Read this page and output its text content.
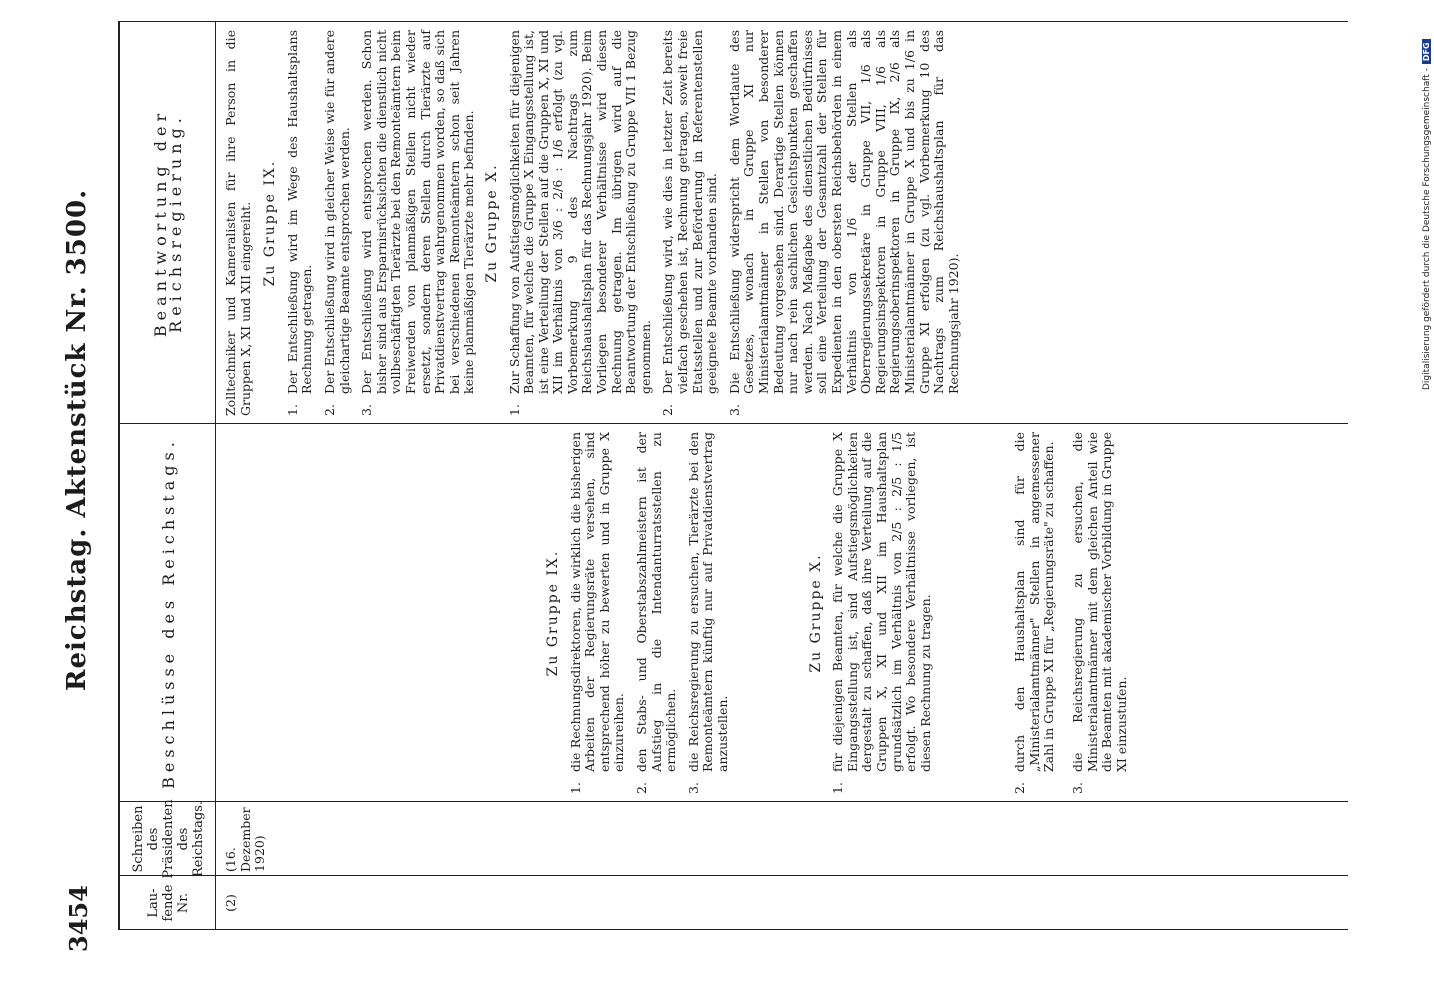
3454
Reichstag. Aktenstück Nr. 3500.
Lau-fende Nr.
Schreiben des Präsidenten des Reichstags.
Beschlüsse des Reichstags.
Beantwortung der Reichsregierung.
(2)
(16. Dezember 1920)
Zu Gruppe IX.
1.
die Rechnungsdirektoren, die wirklich die bisherigen Arbeiten der Regierungsräte versehen, sind entsprechend höher zu bewerten und in Gruppe X einzureihen.
2.
den Stabs- und Oberstabszahlmeistern ist der Aufstieg in die Intendanturratsstellen zu ermöglichen.
3.
die Reichsregierung zu ersuchen, Tierärzte bei den Remonteämtern künftig nur auf Privatdienstvertrag anzustellen.
Zu Gruppe X.
1.
für diejenigen Beamten, für welche die Gruppe X Eingangsstellung ist, sind Aufstiegsmöglichkeiten dergestalt zu schaffen, daß ihre Verteilung auf die Gruppen X, XI und XII im Haushaltsplan grundsätzlich im Verhältnis von 2/5 : 2/5 : 1/5 erfolgt. Wo besondere Verhältnisse vorliegen, ist diesen Rechnung zu tragen.
2.
durch den Haushaltsplan sind für die „Ministerialamtmänner" Stellen in angemessener Zahl in Gruppe XI für „Regierungsräte" zu schaffen.
3.
die Reichsregierung zu ersuchen, die Ministerialamtmänner mit dem gleichen Anteil wie die Beamten mit akademischer Vorbildung in Gruppe XI einzustufen.
Zolltechniker und Kameralisten für ihre Person in die Gruppen X, XI und XII eingereiht. Zu Gruppe IX.
1.
Der Entschließung wird im Wege des Haushaltsplans Rechnung getragen.
2.
Der Entschließung wird in gleicher Weise wie für andere gleichartige Beamte entsprochen werden.
3.
Der Entschließung wird entsprochen werden. Schon bisher sind aus Ersparnisrücksichten die dienstlich nicht vollbeschäftigten Tierärzte bei den Remonteämtern beim Freiwerden von planmäßigen Stellen nicht wieder ersetzt, sondern deren Stellen durch Tierärzte auf Privatdienstvertrag wahrgenommen worden, so daß sich bei verschiedenen Remonteämtern schon seit Jahren keine planmäßigen Tierärzte mehr befinden. Zu Gruppe X.
1.
Zur Schaffung von Aufstiegsmöglichkeiten für diejenigen Beamten, für welche die Gruppe X Eingangsstellung ist, ist eine Verteilung der Stellen auf die Gruppen X, XI und XII im Verhältnis von 3/6 : 2/6 : 1/6 erfolgt (zu vgl. Vorbemerkung 9 des Nachtrags zum Reichshaushaltsplan für das Rechnungsjahr 1920). Beim Vorliegen besonderer Verhältnisse wird diesen Rechnung getragen. Im übrigen wird auf die Beantwortung der Entschließung zu Gruppe VII 1 Bezug genommen.
2.
Der Entschließung wird, wie dies in letzter Zeit bereits vielfach geschehen ist, Rechnung getragen, soweit freie Etatsstellen und zur Beförderung in Referentenstellen geeignete Beamte vorhanden sind.
3.
Die Entschließung widerspricht dem Wortlaute des Gesetzes, wonach in Gruppe XI nur Ministerialamtmänner in Stellen von besonderer Bedeutung vorgesehen sind. Derartige Stellen können nur nach rein sachlichen Gesichtspunkten geschaffen werden. Nach Maßgabe des dienstlichen Bedürfnisses soll eine Verteilung der Gesamtzahl der Stellen für Expedienten in den obersten Reichsbehörden in einem Verhältnis von 1/6 der Stellen als Oberregierungssekretäre in Gruppe VII, 1/6 als Regierungsinspektoren in Gruppe VIII, 1/6 als Regierungsoberinspektoren in Gruppe IX, 2/6 als Ministerialamtmänner in Gruppe X und bis zu 1/6 in Gruppe XI erfolgen (zu vgl. Vorbemerkung 10 des Nachtrags zum Reichshaushaltsplan für das Rechnungsjahr 1920).	Digitalisierung gefördert durch die Deutsche Forschungsgemeinschaft -DFG
